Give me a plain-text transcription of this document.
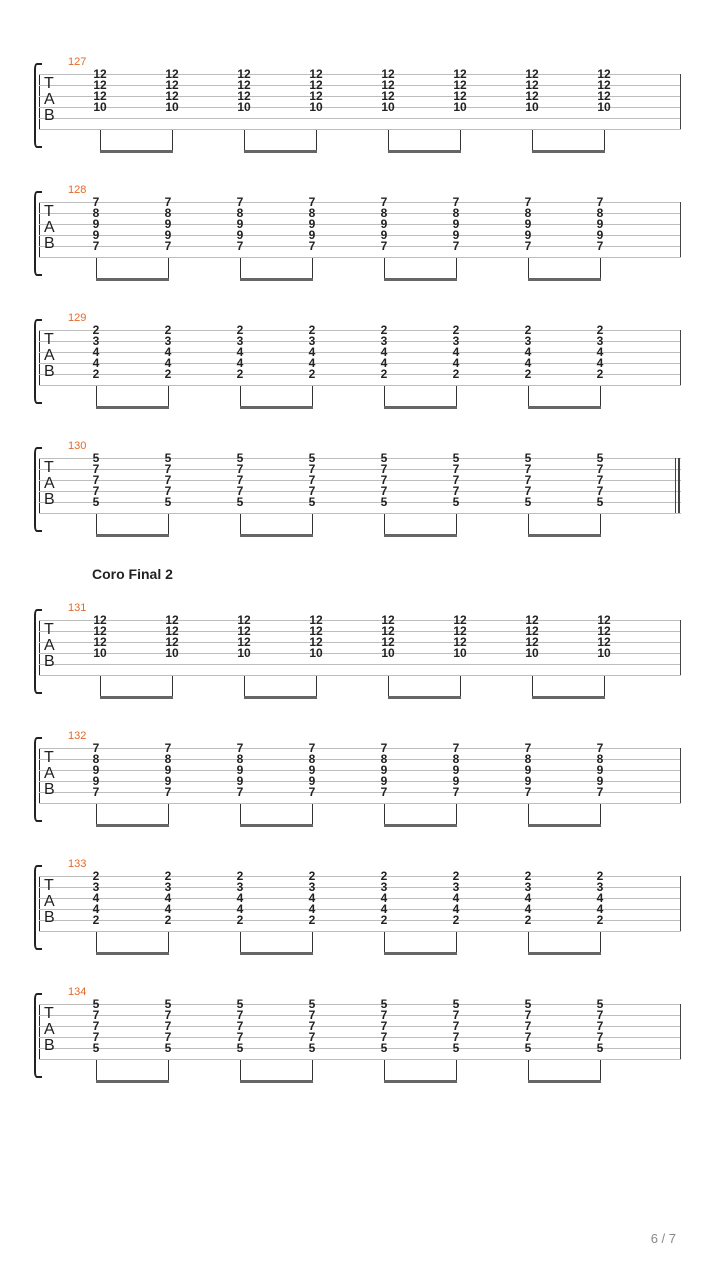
127
T
A
B
12
12
12
10
12
12
12
10
12
12
12
10
12
12
12
10
12
12
12
10
12
12
12
10
12
12
12
10
12
12
12
10
128
T
A
B
7
8
9
9
7
7
8
9
9
7
7
8
9
9
7
7
8
9
9
7
7
8
9
9
7
7
8
9
9
7
7
8
9
9
7
7
8
9
9
7
129
T
A
B
2
3
4
4
2
2
3
4
4
2
2
3
4
4
2
2
3
4
4
2
2
3
4
4
2
2
3
4
4
2
2
3
4
4
2
2
3
4
4
2
130
T
A
B
5
7
7
7
5
5
7
7
7
5
5
7
7
7
5
5
7
7
7
5
5
7
7
7
5
5
7
7
7
5
5
7
7
7
5
5
7
7
7
5
131
T
A
B
12
12
12
10
12
12
12
10
12
12
12
10
12
12
12
10
12
12
12
10
12
12
12
10
12
12
12
10
12
12
12
10
132
T
A
B
7
8
9
9
7
7
8
9
9
7
7
8
9
9
7
7
8
9
9
7
7
8
9
9
7
7
8
9
9
7
7
8
9
9
7
7
8
9
9
7
133
T
A
B
2
3
4
4
2
2
3
4
4
2
2
3
4
4
2
2
3
4
4
2
2
3
4
4
2
2
3
4
4
2
2
3
4
4
2
2
3
4
4
2
134
T
A
B
5
7
7
7
5
5
7
7
7
5
5
7
7
7
5
5
7
7
7
5
5
7
7
7
5
5
7
7
7
5
5
7
7
7
5
5
7
7
7
5
Coro Final 2
6 / 7
